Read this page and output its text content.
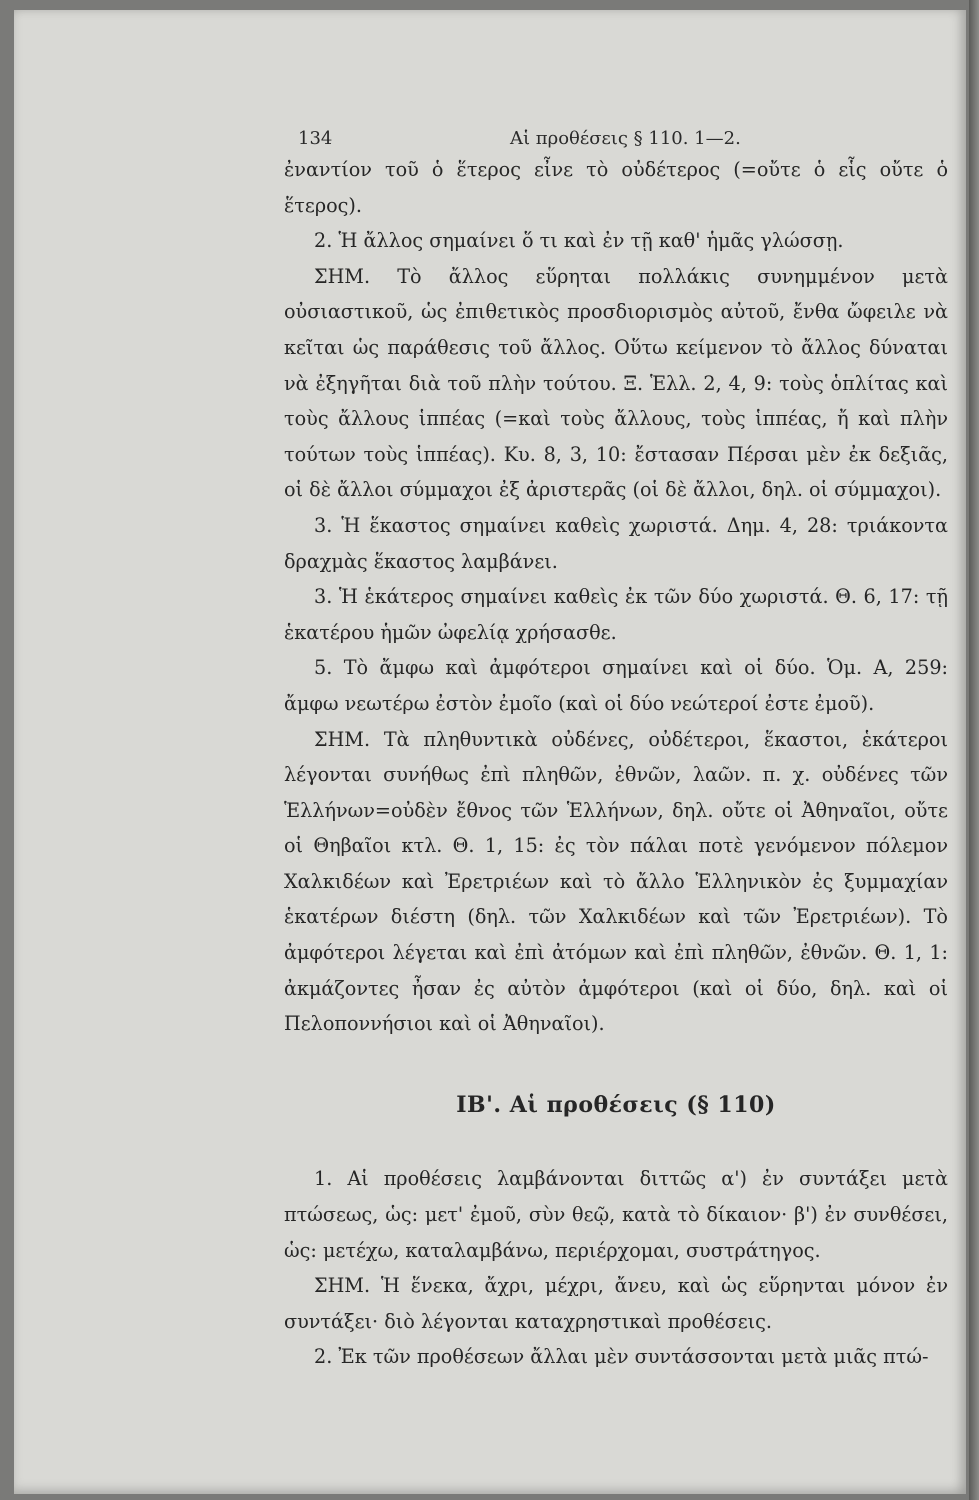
134	Αἱ προθέσεις § 110. 1—2.

ἐναντίον τοῦ ὁ ἕτερος εἶνε τὸ οὐδέτερος (=οὔτε ὁ εἷς οὔτε ὁ ἕτερος).

2. Ἡ ἄλλος σημαίνει ὅ τι καὶ ἐν τῇ καθ' ἡμᾶς γλώσσῃ.

ΣΗΜ. Τὸ ἄλλος εὕρηται πολλάκις συνημμένον μετὰ οὐσιαστικοῦ, ὡς ἐπιθετικὸς προσδιορισμὸς αὐτοῦ, ἔνθα ὤφειλε νὰ κεῖται ὡς παράθεσις τοῦ ἄλλος. Οὕτω κείμενον τὸ ἄλλος δύναται νὰ ἐξηγῆται διὰ τοῦ πλὴν τούτου. Ξ. Ἑλλ. 2, 4, 9: τοὺς ὁπλίτας καὶ τοὺς ἄλλους ἱππέας (=καὶ τοὺς ἄλλους, τοὺς ἱππέας, ἤ καὶ πλὴν τούτων τοὺς ἱππέας). Κυ. 8, 3, 10: ἔστασαν Πέρσαι μὲν ἐκ δεξιᾶς, οἱ δὲ ἄλλοι σύμμαχοι ἐξ ἀριστερᾶς (οἱ δὲ ἄλλοι, δηλ. οἱ σύμμαχοι).

3. Ἡ ἕκαστος σημαίνει καθεὶς χωριστά. Δημ. 4, 28: τριάκοντα δραχμὰς ἕκαστος λαμβάνει.

3. Ἡ ἑκάτερος σημαίνει καθεὶς ἐκ τῶν δύο χωριστά. Θ. 6, 17: τῇ ἑκατέρου ἡμῶν ὠφελίᾳ χρήσασθε.

5. Τὸ ἄμφω καὶ ἀμφότεροι σημαίνει καὶ οἱ δύο. Ὁμ. Α, 259: ἄμφω νεωτέρω ἐστὸν ἐμοῖο (καὶ οἱ δύο νεώτεροί ἐστε ἐμοῦ).

ΣΗΜ. Τὰ πληθυντικὰ οὐδένες, οὐδέτεροι, ἕκαστοι, ἑκάτεροι λέγονται συνήθως ἐπὶ πληθῶν, ἐθνῶν, λαῶν. π. χ. οὐδένες τῶν Ἑλλήνων=οὐδὲν ἔθνος τῶν Ἑλλήνων, δηλ. οὔτε οἱ Ἀθηναῖοι, οὔτε οἱ Θηβαῖοι κτλ. Θ. 1, 15: ἐς τὸν πάλαι ποτὲ γενόμενον πόλεμον Χαλκιδέων καὶ Ἐρετριέων καὶ τὸ ἄλλο Ἑλληνικὸν ἐς ξυμμαχίαν ἑκατέρων διέστη (δηλ. τῶν Χαλκιδέων καὶ τῶν Ἐρετριέων). Τὸ ἀμφότεροι λέγεται καὶ ἐπὶ ἀτόμων καὶ ἐπὶ πληθῶν, ἐθνῶν. Θ. 1, 1: ἀκμάζοντες ἦσαν ἐς αὐτὸν ἀμφότεροι (καὶ οἱ δύο, δηλ. καὶ οἱ Πελοποννήσιοι καὶ οἱ Ἀθηναῖοι).

ΙΒ'. Αἱ προθέσεις (§ 110)

1. Αἱ προθέσεις λαμβάνονται διττῶς α') ἐν συντάξει μετὰ πτώσεως, ὡς: μετ' ἐμοῦ, σὺν θεῷ, κατὰ τὸ δίκαιον· β') ἐν συνθέσει, ὡς: μετέχω, καταλαμβάνω, περιέρχομαι, συστράτηγος.

ΣΗΜ. Ἡ ἕνεκα, ἄχρι, μέχρι, ἄνευ, καὶ ὡς εὕρηνται μόνον ἐν συντάξει· διὸ λέγονται καταχρηστικαὶ προθέσεις.

2. Ἐκ τῶν προθέσεων ἄλλαι μὲν συντάσσονται μετὰ μιᾶς πτώ-
